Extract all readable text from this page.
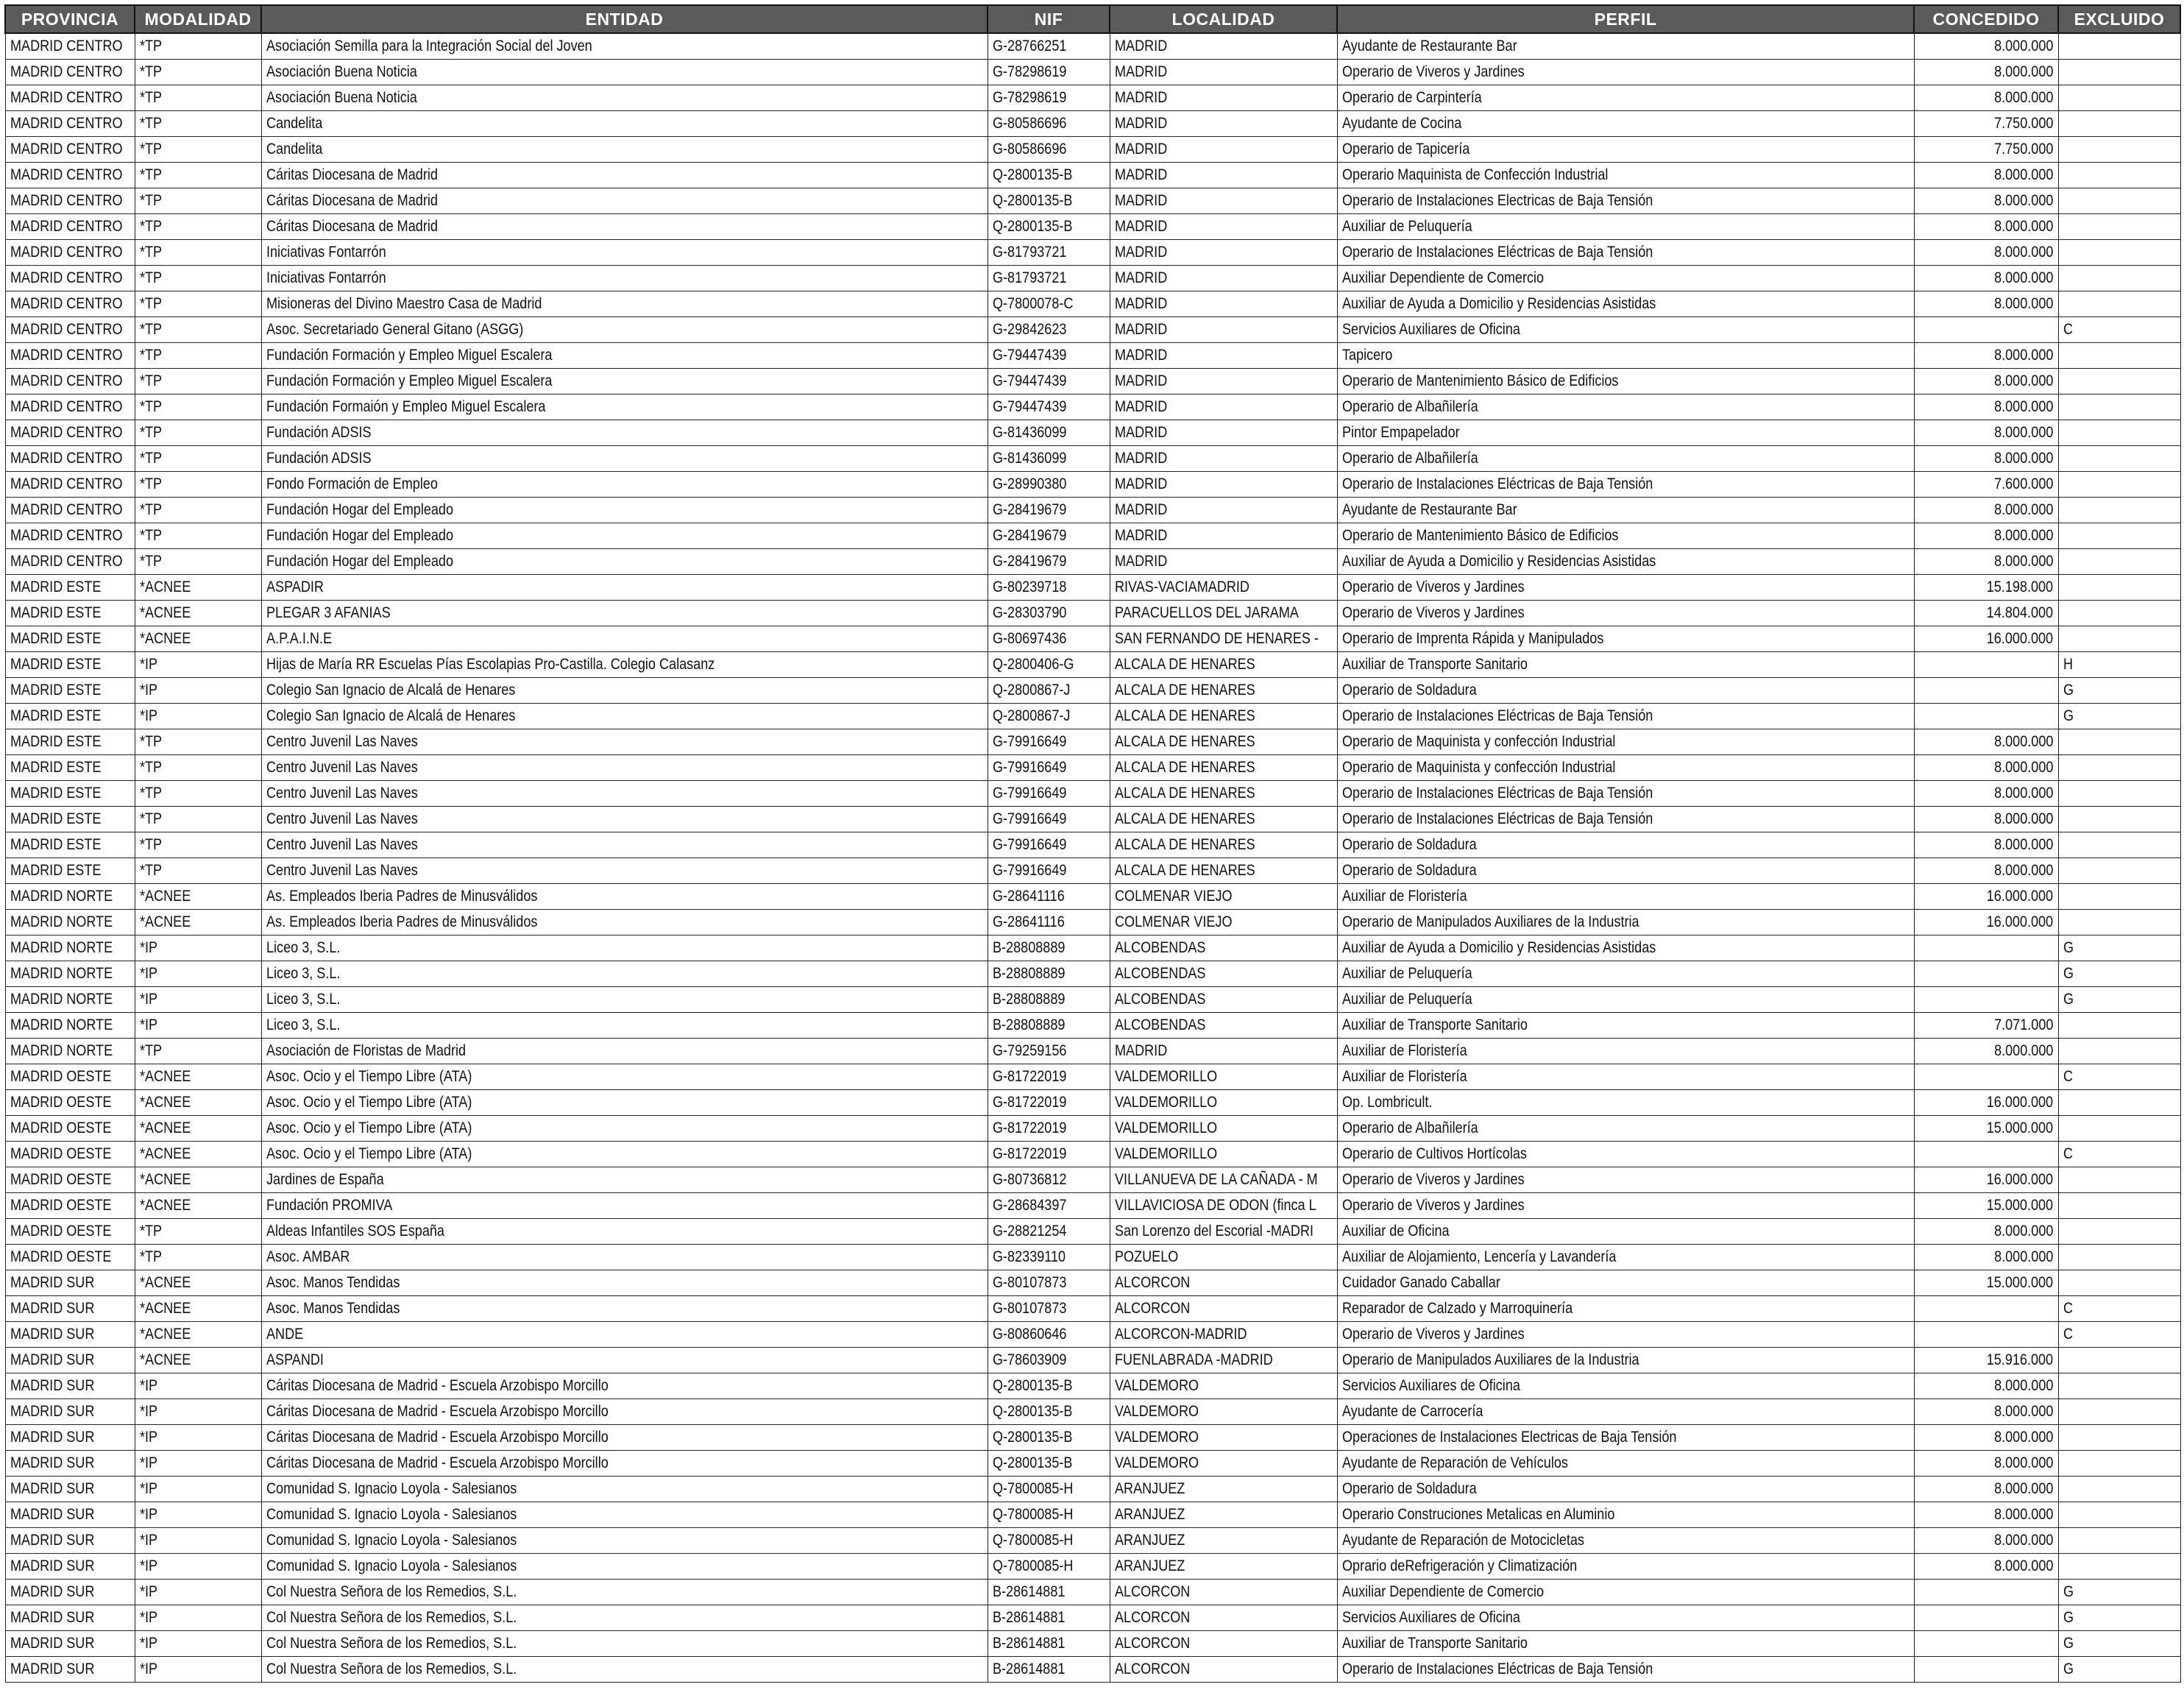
PROVINCIA	MODALIDAD	ENTIDAD	NIF	LOCALIDAD	PERFIL	CONCEDIDO	EXCLUIDO
MADRID CENTRO	*TP	Asociación Semilla para la Integración Social del Joven	G-28766251	MADRID	Ayudante de Restaurante Bar	8.000.000	
MADRID CENTRO	*TP	Asociación Buena Noticia	G-78298619	MADRID	Operario de Viveros y Jardines	8.000.000	
MADRID CENTRO	*TP	Asociación Buena Noticia	G-78298619	MADRID	Operario de Carpintería	8.000.000	
MADRID CENTRO	*TP	Candelita	G-80586696	MADRID	Ayudante de Cocina	7.750.000	
MADRID CENTRO	*TP	Candelita	G-80586696	MADRID	Operario de Tapicería	7.750.000	
MADRID CENTRO	*TP	Cáritas Diocesana de Madrid	Q-2800135-B	MADRID	Operario Maquinista de Confección Industrial	8.000.000	
MADRID CENTRO	*TP	Cáritas Diocesana de Madrid	Q-2800135-B	MADRID	Operario de Instalaciones Electricas de Baja Tensión	8.000.000	
MADRID CENTRO	*TP	Cáritas Diocesana de Madrid	Q-2800135-B	MADRID	Auxiliar de Peluquería	8.000.000	
MADRID CENTRO	*TP	Iniciativas Fontarrón	G-81793721	MADRID	Operario de Instalaciones Eléctricas de Baja Tensión	8.000.000	
MADRID CENTRO	*TP	Iniciativas Fontarrón	G-81793721	MADRID	Auxiliar Dependiente de Comercio	8.000.000	
MADRID CENTRO	*TP	Misioneras del Divino Maestro Casa de Madrid	Q-7800078-C	MADRID	Auxiliar de Ayuda a Domicilio y Residencias Asistidas	8.000.000	
MADRID CENTRO	*TP	Asoc. Secretariado General Gitano (ASGG)	G-29842623	MADRID	Servicios Auxiliares de Oficina		C
MADRID CENTRO	*TP	Fundación Formación y Empleo Miguel Escalera	G-79447439	MADRID	Tapicero	8.000.000	
MADRID CENTRO	*TP	Fundación Formación y Empleo Miguel Escalera	G-79447439	MADRID	Operario de Mantenimiento Básico de Edificios	8.000.000	
MADRID CENTRO	*TP	Fundación Formaión y Empleo Miguel Escalera	G-79447439	MADRID	Operario de Albañilería	8.000.000	
MADRID CENTRO	*TP	Fundación ADSIS	G-81436099	MADRID	Pintor Empapelador	8.000.000	
MADRID CENTRO	*TP	Fundación ADSIS	G-81436099	MADRID	Operario de Albañilería	8.000.000	
MADRID CENTRO	*TP	Fondo Formación de Empleo	G-28990380	MADRID	Operario de Instalaciones Eléctricas de Baja Tensión	7.600.000	
MADRID CENTRO	*TP	Fundación Hogar del Empleado	G-28419679	MADRID	Ayudante de Restaurante Bar	8.000.000	
MADRID CENTRO	*TP	Fundación Hogar del Empleado	G-28419679	MADRID	Operario de Mantenimiento Básico de Edificios	8.000.000	
MADRID CENTRO	*TP	Fundación Hogar del Empleado	G-28419679	MADRID	Auxiliar de Ayuda a Domicilio y Residencias Asistidas	8.000.000	
MADRID ESTE	*ACNEE	ASPADIR	G-80239718	RIVAS-VACIAMADRID	Operario de Viveros y Jardines	15.198.000	
MADRID ESTE	*ACNEE	PLEGAR 3 AFANIAS	G-28303790	PARACUELLOS DEL JARAMA	Operario de Viveros y Jardines	14.804.000	
MADRID ESTE	*ACNEE	A.P.A.I.N.E	G-80697436	SAN FERNANDO DE HENARES -	Operario de Imprenta Rápida y Manipulados	16.000.000	
MADRID ESTE	*IP	Hijas de María RR Escuelas Pías Escolapias Pro-Castilla. Colegio Calasanz	Q-2800406-G	ALCALA DE HENARES	Auxiliar de Transporte Sanitario		H
MADRID ESTE	*IP	Colegio San Ignacio de Alcalá de Henares	Q-2800867-J	ALCALA DE HENARES	Operario de Soldadura		G
MADRID ESTE	*IP	Colegio San Ignacio de Alcalá de Henares	Q-2800867-J	ALCALA DE HENARES	Operario de Instalaciones Eléctricas de Baja Tensión		G
MADRID ESTE	*TP	Centro Juvenil Las Naves	G-79916649	ALCALA DE HENARES	Operario de Maquinista y confección Industrial	8.000.000	
MADRID ESTE	*TP	Centro Juvenil Las Naves	G-79916649	ALCALA DE HENARES	Operario de Maquinista y confección Industrial	8.000.000	
MADRID ESTE	*TP	Centro Juvenil Las Naves	G-79916649	ALCALA DE HENARES	Operario de Instalaciones Eléctricas de Baja Tensión	8.000.000	
MADRID ESTE	*TP	Centro Juvenil Las Naves	G-79916649	ALCALA DE HENARES	Operario de Instalaciones Eléctricas de Baja Tensión	8.000.000	
MADRID ESTE	*TP	Centro Juvenil Las Naves	G-79916649	ALCALA DE HENARES	Operario de Soldadura	8.000.000	
MADRID ESTE	*TP	Centro Juvenil Las Naves	G-79916649	ALCALA DE HENARES	Operario de Soldadura	8.000.000	
MADRID NORTE	*ACNEE	As. Empleados Iberia Padres de Minusválidos	G-28641116	COLMENAR VIEJO	Auxiliar de Floristería	16.000.000	
MADRID NORTE	*ACNEE	As. Empleados Iberia Padres de Minusválidos	G-28641116	COLMENAR VIEJO	Operario de Manipulados Auxiliares de la Industria	16.000.000	
MADRID NORTE	*IP	Liceo 3, S.L.	B-28808889	ALCOBENDAS	Auxiliar de Ayuda a Domicilio y Residencias Asistidas		G
MADRID NORTE	*IP	Liceo 3, S.L.	B-28808889	ALCOBENDAS	Auxiliar de Peluquería		G
MADRID NORTE	*IP	Liceo 3, S.L.	B-28808889	ALCOBENDAS	Auxiliar de Peluquería		G
MADRID NORTE	*IP	Liceo 3, S.L.	B-28808889	ALCOBENDAS	Auxiliar de Transporte Sanitario	7.071.000	
MADRID NORTE	*TP	Asociación de Floristas de Madrid	G-79259156	MADRID	Auxiliar de Floristería	8.000.000	
MADRID OESTE	*ACNEE	Asoc. Ocio y el Tiempo Libre (ATA)	G-81722019	VALDEMORILLO	Auxiliar de Floristería		C
MADRID OESTE	*ACNEE	Asoc. Ocio y el Tiempo Libre (ATA)	G-81722019	VALDEMORILLO	Op. Lombricult.	16.000.000	
MADRID OESTE	*ACNEE	Asoc. Ocio y el Tiempo Libre (ATA)	G-81722019	VALDEMORILLO	Operario de Albañilería	15.000.000	
MADRID OESTE	*ACNEE	Asoc. Ocio y el Tiempo Libre (ATA)	G-81722019	VALDEMORILLO	Operario de Cultivos Hortícolas		C
MADRID OESTE	*ACNEE	Jardines de España	G-80736812	VILLANUEVA DE LA CAÑADA - M	Operario de Viveros y Jardines	16.000.000	
MADRID OESTE	*ACNEE	Fundación PROMIVA	G-28684397	VILLAVICIOSA DE ODON (finca L	Operario de Viveros y Jardines	15.000.000	
MADRID OESTE	*TP	Aldeas Infantiles SOS España	G-28821254	San Lorenzo del Escorial -MADRI	Auxiliar de Oficina	8.000.000	
MADRID OESTE	*TP	Asoc. AMBAR	G-82339110	POZUELO	Auxiliar de Alojamiento, Lencería y Lavandería	8.000.000	
MADRID SUR	*ACNEE	Asoc. Manos Tendidas	G-80107873	ALCORCON	Cuidador Ganado Caballar	15.000.000	
MADRID SUR	*ACNEE	Asoc. Manos Tendidas	G-80107873	ALCORCON	Reparador de Calzado y Marroquinería		C
MADRID SUR	*ACNEE	ANDE	G-80860646	ALCORCON-MADRID	Operario de Viveros y Jardines		C
MADRID SUR	*ACNEE	ASPANDI	G-78603909	FUENLABRADA -MADRID	Operario de Manipulados Auxiliares de la Industria	15.916.000	
MADRID SUR	*IP	Cáritas Diocesana de Madrid - Escuela Arzobispo Morcillo	Q-2800135-B	VALDEMORO	Servicios Auxiliares de Oficina	8.000.000	
MADRID SUR	*IP	Cáritas Diocesana de Madrid - Escuela Arzobispo Morcillo	Q-2800135-B	VALDEMORO	Ayudante de Carrocería	8.000.000	
MADRID SUR	*IP	Cáritas Diocesana de Madrid - Escuela Arzobispo Morcillo	Q-2800135-B	VALDEMORO	Operaciones de Instalaciones Electricas de Baja Tensión	8.000.000	
MADRID SUR	*IP	Cáritas Diocesana de Madrid - Escuela Arzobispo Morcillo	Q-2800135-B	VALDEMORO	Ayudante de Reparación de Vehículos	8.000.000	
MADRID SUR	*IP	Comunidad S. Ignacio Loyola - Salesianos	Q-7800085-H	ARANJUEZ	Operario de Soldadura	8.000.000	
MADRID SUR	*IP	Comunidad S. Ignacio Loyola - Salesianos	Q-7800085-H	ARANJUEZ	Operario Construciones Metalicas en Aluminio	8.000.000	
MADRID SUR	*IP	Comunidad S. Ignacio Loyola - Salesianos	Q-7800085-H	ARANJUEZ	Ayudante de Reparación de Motocicletas	8.000.000	
MADRID SUR	*IP	Comunidad S. Ignacio Loyola - Salesianos	Q-7800085-H	ARANJUEZ	Oprario deRefrigeración y Climatización	8.000.000	
MADRID SUR	*IP	Col Nuestra Señora de los Remedios, S.L.	B-28614881	ALCORCON	Auxiliar Dependiente de Comercio		G
MADRID SUR	*IP	Col Nuestra Señora de los Remedios, S.L.	B-28614881	ALCORCON	Servicios Auxiliares de Oficina		G
MADRID SUR	*IP	Col Nuestra Señora de los Remedios, S.L.	B-28614881	ALCORCON	Auxiliar de Transporte Sanitario		G
MADRID SUR	*IP	Col Nuestra Señora de los Remedios, S.L.	B-28614881	ALCORCON	Operario de Instalaciones Eléctricas de Baja Tensión		G
